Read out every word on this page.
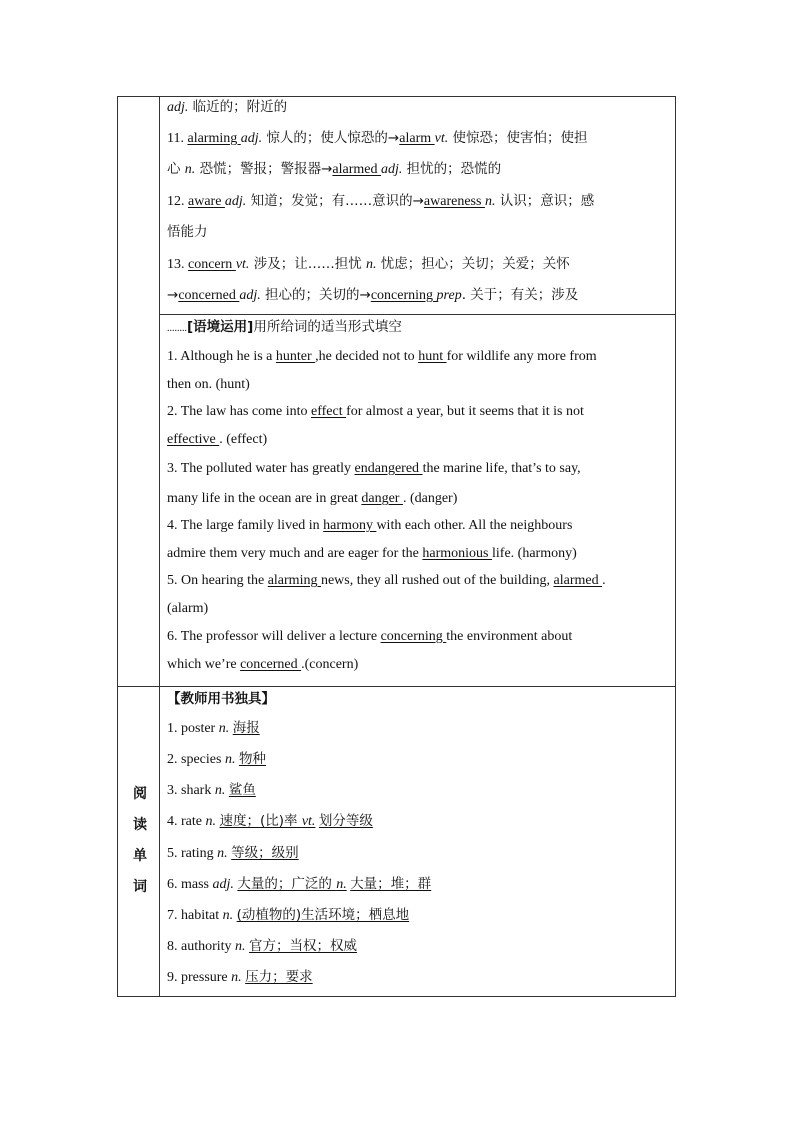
阅
读
单
词
adj. 临近的；附近的
11. alarming adj. 惊人的；使人惊恐的→alarm vt. 使惊恐；使害怕；使担
心 n. 恐慌；警报；警报器→alarmed adj. 担忧的；恐慌的
12. aware adj. 知道；发觉；有……意识的→awareness n. 认识；意识；感
悟能力
13. concern vt. 涉及；让……担忧 n. 忧虑；担心；关切；关爱；关怀
→concerned adj. 担心的；关切的→concerning prep. 关于；有关；涉及
........[语境运用]用所给词的适当形式填空
1. Although he is a hunter ,he decided not to hunt for wildlife any more from
then on. (hunt)
2. The law has come into effect for almost a year, but it seems that it is not
effective . (effect)
3. The polluted water has greatly endangered the marine life, that’s to say,
many life in the ocean are in great danger . (danger)
4. The large family lived in harmony with each other. All the neighbours
admire them very much and are eager for the harmonious life. (harmony)
5. On hearing the alarming news, they all rushed out of the building, alarmed .
(alarm)
6. The professor will deliver a lecture concerning the environment about
which we’re concerned .(concern)
【教师用书独具】
1. poster n. 海报
2. species n. 物种
3. shark n. 鲨鱼
4. rate n. 速度；(比)率 vt. 划分等级
5. rating n. 等级；级别
6. mass adj. 大量的；广泛的 n. 大量；堆；群
7. habitat n. (动植物的)生活环境；栖息地
8. authority n. 官方；当权；权威
9. pressure n. 压力；要求
